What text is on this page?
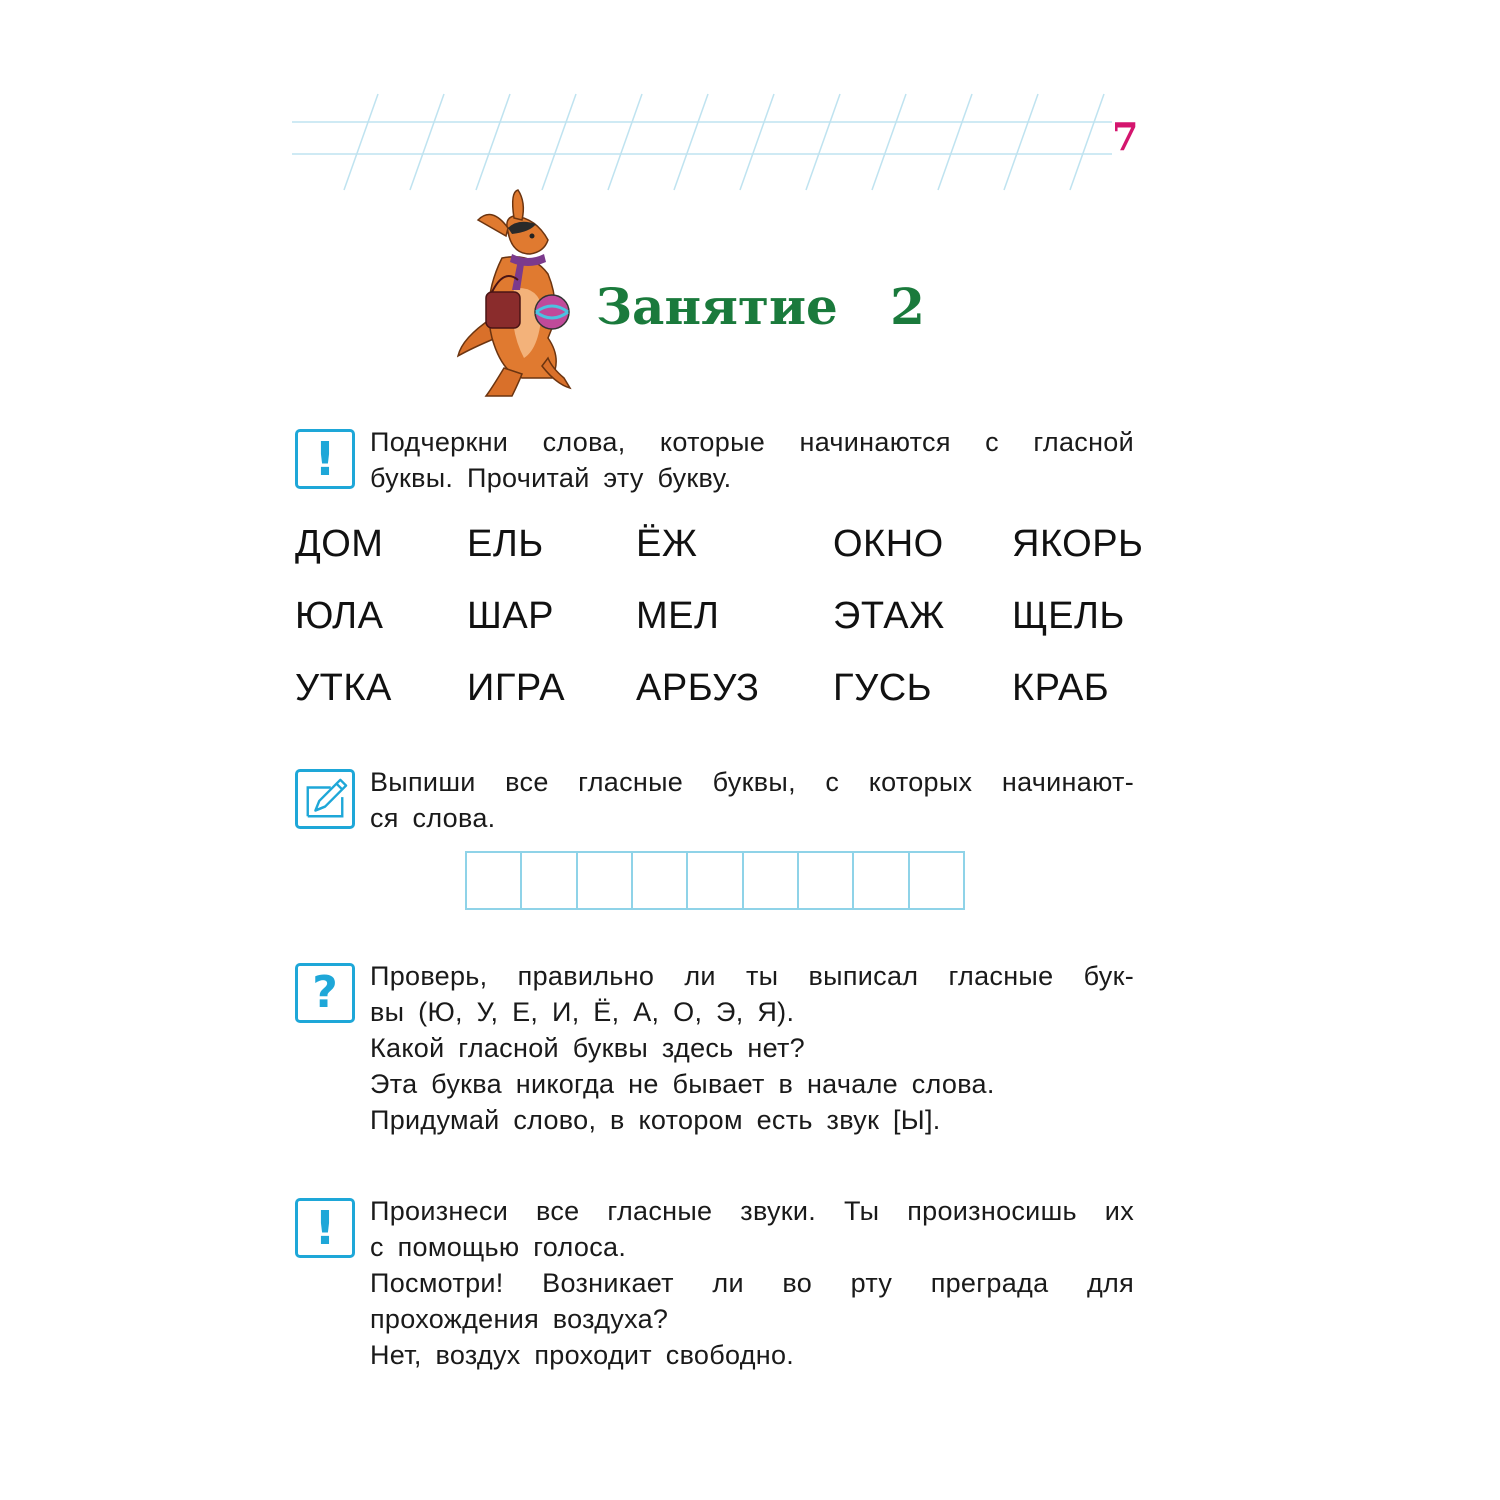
7
Занятие   2
! Подчеркни слова, которые начинаются с гласной
буквы. Прочитай эту букву.
ДОМ ЕЛЬ ЁЖ	ОКНО ЯКОРЬ
ЮЛА ШАР МЕЛ	ЭТАЖ ЩЕЛЬ
УТКА ИГРА АРБУЗ ГУСЬ КРАБ
Выпиши все гласные буквы, с которых начинают-
ся слова.
? Проверь, правильно ли ты выписал гласные бук-
вы (Ю, У, Е, И, Ё, А, О, Э, Я).
Какой гласной буквы здесь нет?
Эта буква никогда не бывает в начале слова.
Придумай слово, в котором есть звук [Ы].
! Произнеси все гласные звуки. Ты произносишь их
с помощью голоса.
Посмотри! Возникает ли во рту преграда для
прохождения воздуха?
Нет, воздух проходит свободно.
